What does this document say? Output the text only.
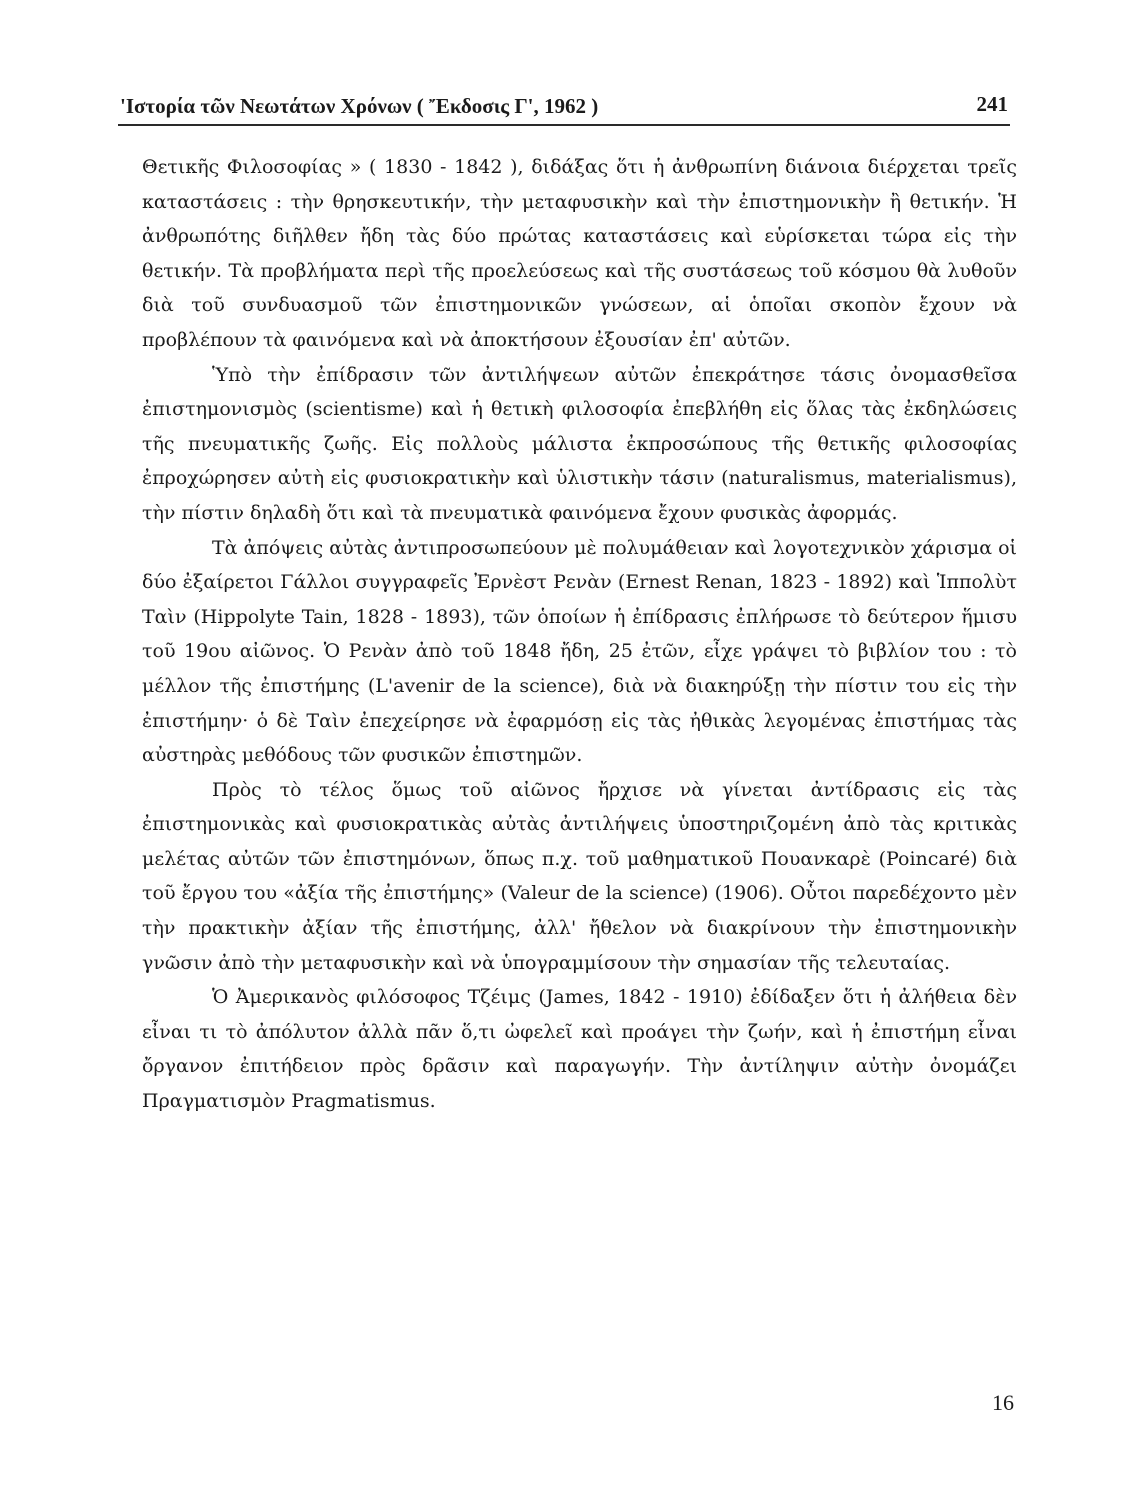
'Ιστορία τῶν Νεωτάτων Χρόνων ( Ἔκδοσις Γ', 1962 )	241

Θετικῆς Φιλοσοφίας » ( 1830 - 1842 ), διδάξας ὅτι ἡ ἀνθρωπίνη διάνοια διέρχεται τρεῖς καταστάσεις : τὴν θρησκευτικήν, τὴν μεταφυσικὴν καὶ τὴν ἐπιστημονικὴν ἢ θετικήν. Ἡ ἀνθρωπότης διῆλθεν ἤδη τὰς δύο πρώτας καταστάσεις καὶ εὑρίσκεται τώρα εἰς τὴν θετικήν. Τὰ προβλήματα περὶ τῆς προελεύσεως καὶ τῆς συστάσεως τοῦ κόσμου θὰ λυθοῦν διὰ τοῦ συνδυασμοῦ τῶν ἐπιστημονικῶν γνώσεων, αἱ ὁποῖαι σκοπὸν ἔχουν νὰ προβλέπουν τὰ φαινόμενα καὶ νὰ ἀποκτήσουν ἐξουσίαν ἐπ' αὐτῶν.

Ὑπὸ τὴν ἐπίδρασιν τῶν ἀντιλήψεων αὐτῶν ἐπεκράτησε τάσις ὀνομασθεῖσα ἐπιστημονισμὸς (scientisme) καὶ ἡ θετικὴ φιλοσοφία ἐπεβλήθη εἰς ὅλας τὰς ἐκδηλώσεις τῆς πνευματικῆς ζωῆς. Εἰς πολλοὺς μάλιστα ἐκπροσώπους τῆς θετικῆς φιλοσοφίας ἐπροχώρησεν αὐτὴ εἰς φυσιοκρατικὴν καὶ ὑλιστικὴν τάσιν (naturalismus, materialismus), τὴν πίστιν δηλαδὴ ὅτι καὶ τὰ πνευματικὰ φαινόμενα ἔχουν φυσικὰς ἀφορμάς.

Τὰ ἀπόψεις αὐτὰς ἀντιπροσωπεύουν μὲ πολυμάθειαν καὶ λογοτεχνικὸν χάρισμα οἱ δύο ἐξαίρετοι Γάλλοι συγγραφεῖς Ἐρνὲστ Ρενὰν (Ernest Renan, 1823 - 1892) καὶ Ἱππολὺτ Ταὶν (Hippolyte Tain, 1828 - 1893), τῶν ὁποίων ἡ ἐπίδρασις ἐπλήρωσε τὸ δεύτερον ἥμισυ τοῦ 19ου αἰῶνος. Ὁ Ρενὰν ἀπὸ τοῦ 1848 ἤδη, 25 ἐτῶν, εἶχε γράψει τὸ βιβλίον του : τὸ μέλλον τῆς ἐπιστήμης (L'avenir de la science), διὰ νὰ διακηρύξῃ τὴν πίστιν του εἰς τὴν ἐπιστήμην· ὁ δὲ Ταὶν ἐπεχείρησε νὰ ἐφαρμόσῃ εἰς τὰς ἠθικὰς λεγομένας ἐπιστήμας τὰς αὐστηρὰς μεθόδους τῶν φυσικῶν ἐπιστημῶν.

Πρὸς τὸ τέλος ὅμως τοῦ αἰῶνος ἤρχισε νὰ γίνεται ἀντίδρασις εἰς τὰς ἐπιστημονικὰς καὶ φυσιοκρατικὰς αὐτὰς ἀντιλήψεις ὑποστηριζομένη ἀπὸ τὰς κριτικὰς μελέτας αὐτῶν τῶν ἐπιστημόνων, ὅπως π.χ. τοῦ μαθηματικοῦ Πουανκαρὲ (Poincaré) διὰ τοῦ ἔργου του «ἀξία τῆς ἐπιστήμης» (Valeur de la science) (1906). Οὗτοι παρεδέχοντο μὲν τὴν πρακτικὴν ἀξίαν τῆς ἐπιστήμης, ἀλλ' ἤθελον νὰ διακρίνουν τὴν ἐπιστημονικὴν γνῶσιν ἀπὸ τὴν μεταφυσικὴν καὶ νὰ ὑπογραμμίσουν τὴν σημασίαν τῆς τελευταίας.

Ὁ Ἀμερικανὸς φιλόσοφος Τζέιμς (James, 1842 - 1910) ἐδίδαξεν ὅτι ἡ ἀλήθεια δὲν εἶναι τι τὸ ἀπόλυτον ἀλλὰ πᾶν ὅ,τι ὠφελεῖ καὶ προάγει τὴν ζωήν, καὶ ἡ ἐπιστήμη εἶναι ὄργανον ἐπιτήδειον πρὸς δρᾶσιν καὶ παραγωγήν. Τὴν ἀντίληψιν αὐτὴν ὀνομάζει Πραγματισμὸν Pragmatismus.

16
